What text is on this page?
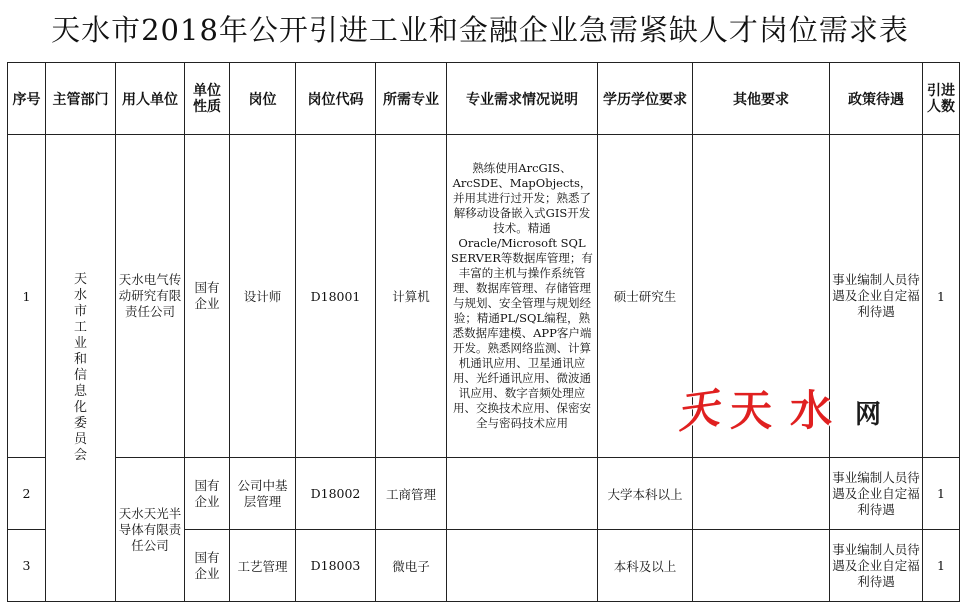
天水市2018年公开引进工业和金融企业急需紧缺人才岗位需求表
序号	主管部门	用人单位	单位性质	岗位	岗位代码	所需专业	专业需求情况说明	学历学位要求	其他要求	政策待遇	引进人数

1	天水市工业和信息化委员会	天水电气传动研究有限责任公司	国有企业	设计师	D18001	计算机	熟练使用ArcGIS、ArcSDE、MapObjects，并用其进行过开发；熟悉了解移动设备嵌入式GIS开发技术。精通Oracle/Microsoft SQL SERVER等数据库管理；有丰富的主机与操作系统管理、数据库管理、存储管理与规划、安全管理与规划经验；精通PL/SQL编程，熟悉数据库建模、APP客户端开发。熟悉网络监测、计算机通讯应用、卫星通讯应用、光纤通讯应用、微波通讯应用、数字音频处理应用、交换技术应用、保密安全与密码技术应用	硕士研究生		事业编制人员待遇及企业自定福利待遇	1
2		天水天光半导体有限责任公司	国有企业	公司中基层管理	D18002	工商管理		大学本科以上		事业编制人员待遇及企业自定福利待遇	1
3			国有企业	工艺管理	D18003	微电子		本科及以上		事业编制人员待遇及企业自定福利待遇	1
天 天 水 网
